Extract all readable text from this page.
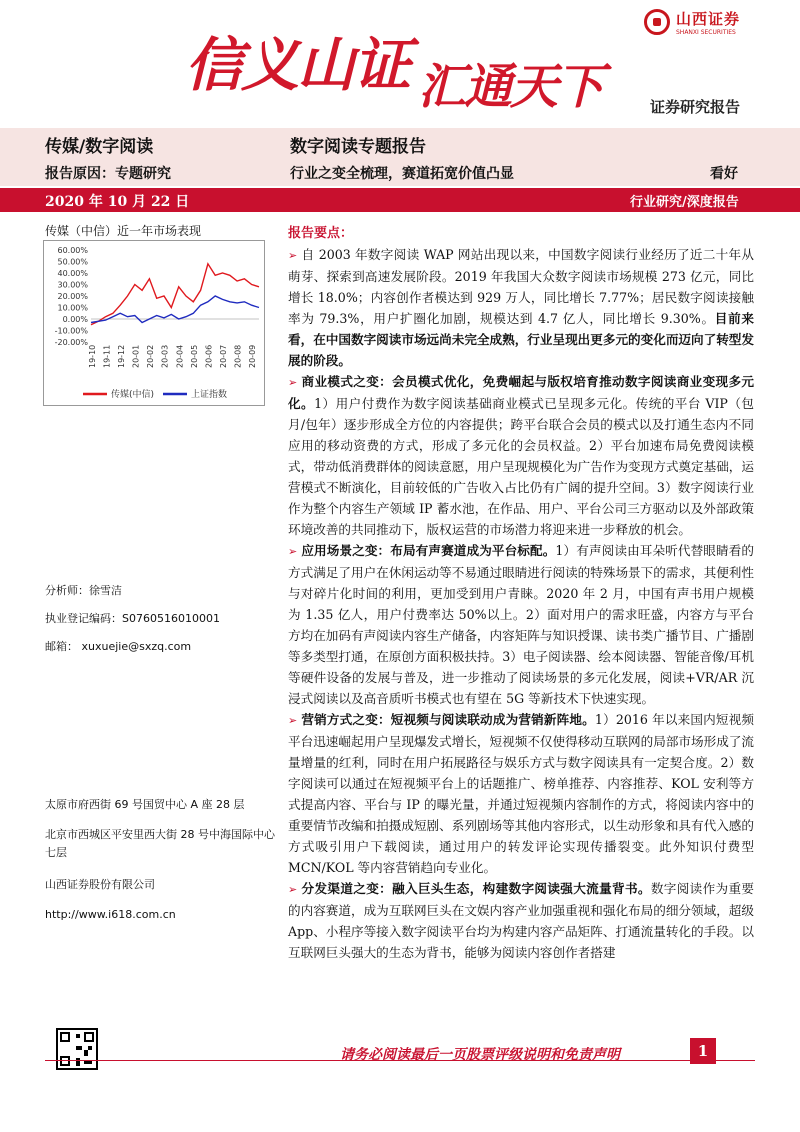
信义山证 汇通天下
山西证券
SHANXI SECURITIES
证券研究报告
传媒/数字阅读	数字阅读专题报告
报告原因：专题研究	行业之变全梳理，赛道拓宽价值凸显	看好
2020 年 10 月 22 日	行业研究/深度报告
传媒（中信）近一年市场表现
60.00%
50.00%
40.00%
30.00%
20.00%
10.00%
0.00%
-10.00%
-20.00%
19-10 19-11 19-12 20-01 20-02 20-03 20-04 20-05 20-06 20-07 20-08 20-09
传媒(中信)	上证指数
分析师：徐雪洁
执业登记编码：S0760516010001
邮箱： xuxuejie@sxzq.com
太原市府西街 69 号国贸中心 A 座 28 层
北京市西城区平安里西大街 28 号中海国际中心七层
山西证券股份有限公司
http://www.i618.com.cn
报告要点：

➢ 自 2003 年数字阅读 WAP 网站出现以来，中国数字阅读行业经历了近二十年从萌芽、探索到高速发展阶段。2019 年我国大众数字阅读市场规模 273 亿元，同比增长 18.0%；内容创作者模达到 929 万人，同比增长 7.77%；居民数字阅读接触率为 79.3%，用户扩圈化加剧，规模达到 4.7 亿人，同比增长 9.30%。目前来看，在中国数字阅读市场远尚未完全成熟，行业呈现出更多元的变化而迈向了转型发展的阶段。

➢ 商业模式之变：会员模式优化，免费崛起与版权培育推动数字阅读商业变现多元化。1）用户付费作为数字阅读基础商业模式已呈现多元化。传统的平台 VIP（包月/包年）逐步形成全方位的内容提供；跨平台联合会员的模式以及打通生态内不同应用的移动资费的方式，形成了多元化的会员权益。2）平台加速布局免费阅读模式，带动低消费群体的阅读意愿，用户呈现规模化为广告作为变现方式奠定基础，运营模式不断演化，目前较低的广告收入占比仍有广阔的提升空间。3）数字阅读行业作为整个内容生产领域 IP 蓄水池，在作品、用户、平台公司三方驱动以及外部政策环境改善的共同推动下，版权运营的市场潜力将迎来进一步释放的机会。

➢ 应用场景之变：布局有声赛道成为平台标配。1）有声阅读由耳朵听代替眼睛看的方式满足了用户在休闲运动等不易通过眼睛进行阅读的特殊场景下的需求，其便利性与对碎片化时间的利用，更加受到用户青睐。2020 年 2 月，中国有声书用户规模为 1.35 亿人，用户付费率达 50%以上。2）面对用户的需求旺盛，内容方与平台方均在加码有声阅读内容生产储备，内容矩阵与知识授课、读书类广播节目、广播剧等多类型打通，在原创方面积极扶持。3）电子阅读器、绘本阅读器、智能音像/耳机等硬件设备的发展与普及，进一步推动了阅读场景的多元化发展，阅读+VR/AR 沉浸式阅读以及高音质听书模式也有望在 5G 等新技术下快速实现。

➢ 营销方式之变：短视频与阅读联动成为营销新阵地。1）2016 年以来国内短视频平台迅速崛起用户呈现爆发式增长，短视频不仅使得移动互联网的局部市场形成了流量增量的红利，同时在用户拓展路径与娱乐方式与数字阅读具有一定契合度。2）数字阅读可以通过在短视频平台上的话题推广、榜单推荐、内容推荐、KOL 安利等方式提高内容、平台与 IP 的曝光量，并通过短视频内容制作的方式，将阅读内容中的重要情节改编和拍摄成短剧、系列剧场等其他内容形式，以生动形象和具有代入感的方式吸引用户下载阅读，通过用户的转发评论实现传播裂变。此外知识付费型 MCN/KOL 等内容营销趋向专业化。

➢ 分发渠道之变：融入巨头生态，构建数字阅读强大流量背书。数字阅读作为重要的内容赛道，成为互联网巨头在文娱内容产业加强重视和强化布局的细分领域，超级 App、小程序等接入数字阅读平台均为构建内容产品矩阵、打通流量转化的手段。以互联网巨头强大的生态为背书，能够为阅读内容创作者搭建

请务必阅读最后一页股票评级说明和免责声明	1
